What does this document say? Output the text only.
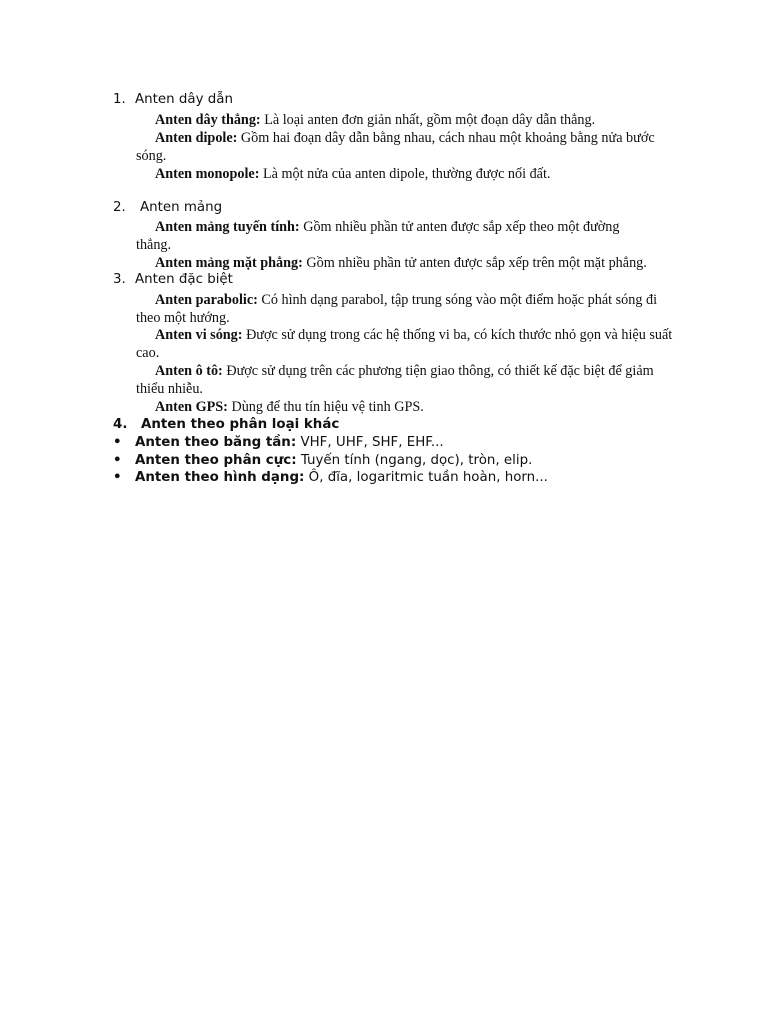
1. Anten dây dẫn
Anten dây thẳng: Là loại anten đơn giản nhất, gồm một đoạn dây dẫn thẳng.
Anten dipole: Gồm hai đoạn dây dẫn bằng nhau, cách nhau một khoảng bằng nửa bước sóng.
Anten monopole: Là một nửa của anten dipole, thường được nối đất.
2. Anten mảng
Anten mảng tuyến tính: Gồm nhiều phần tử anten được sắp xếp theo một đường thẳng.
Anten mảng mặt phẳng: Gồm nhiều phần tử anten được sắp xếp trên một mặt phẳng.
3. Anten đặc biệt
Anten parabolic: Có hình dạng parabol, tập trung sóng vào một điểm hoặc phát sóng đi theo một hướng.
Anten vi sóng: Được sử dụng trong các hệ thống vi ba, có kích thước nhỏ gọn và hiệu suất cao.
Anten ô tô: Được sử dụng trên các phương tiện giao thông, có thiết kế đặc biệt để giảm thiểu nhiễu.
Anten GPS: Dùng để thu tín hiệu vệ tinh GPS.
4. Anten theo phân loại khác
• Anten theo băng tần: VHF, UHF, SHF, EHF...
• Anten theo phân cực: Tuyến tính (ngang, dọc), tròn, elip.
• Anten theo hình dạng: Ô, đĩa, logaritmic tuần hoàn, horn...
